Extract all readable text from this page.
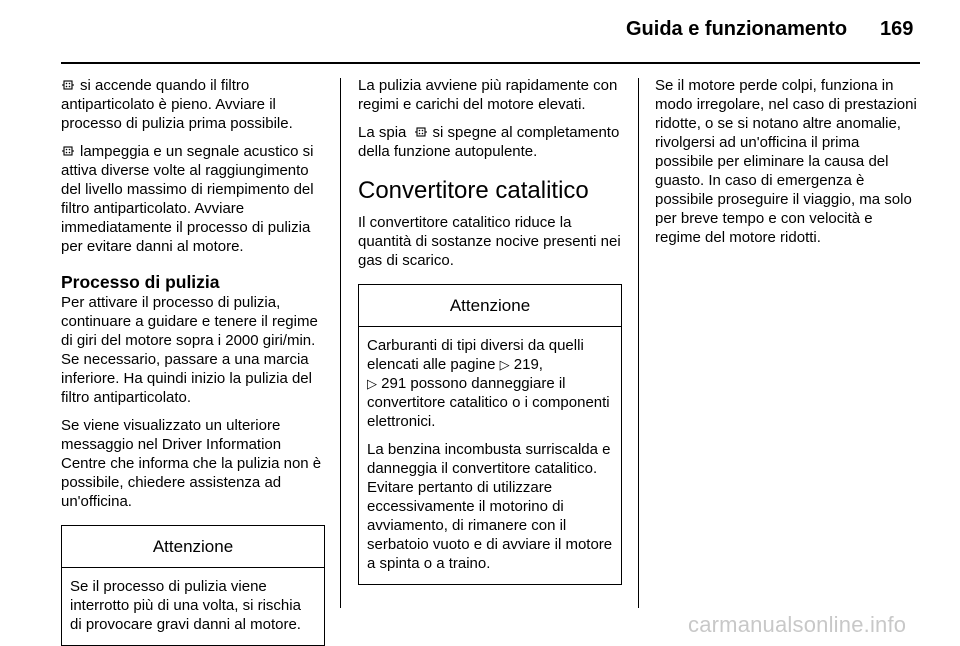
Guida e funzionamento 169

si accende quando il filtro antiparticolato è pieno. Avviare il processo di pulizia prima possibile.

lampeggia e un segnale acustico si attiva diverse volte al raggiungimento del livello massimo di riempimento del filtro antiparticolato. Avviare immediatamente il processo di pulizia per evitare danni al motore.

Processo di pulizia

Per attivare il processo di pulizia, continuare a guidare e tenere il regime di giri del motore sopra i 2000 giri/min. Se necessario, passare a una marcia inferiore. Ha quindi inizio la pulizia del filtro antiparticolato.

Se viene visualizzato un ulteriore messaggio nel Driver Information Centre che informa che la pulizia non è possibile, chiedere assistenza ad un'officina.

Attenzione

Se il processo di pulizia viene interrotto più di una volta, si rischia di provocare gravi danni al motore.

La pulizia avviene più rapidamente con regimi e carichi del motore elevati.

La spia si spegne al completamento della funzione autopulente.

Convertitore catalitico

Il convertitore catalitico riduce la quantità di sostanze nocive presenti nei gas di scarico.

Attenzione

Carburanti di tipi diversi da quelli elencati alle pagine ▷ 219,
▷ 291 possono danneggiare il convertitore catalitico o i componenti elettronici.

La benzina incombusta surriscalda e danneggia il convertitore catalitico. Evitare pertanto di utilizzare eccessivamente il motorino di avviamento, di rimanere con il serbatoio vuoto e di avviare il motore a spinta o a traino.

Se il motore perde colpi, funziona in modo irregolare, nel caso di prestazioni ridotte, o se si notano altre anomalie, rivolgersi ad un'officina il prima possibile per eliminare la causa del guasto. In caso di emergenza è possibile proseguire il viaggio, ma solo per breve tempo e con velocità e regime del motore ridotti.

carmanualsonline.info
